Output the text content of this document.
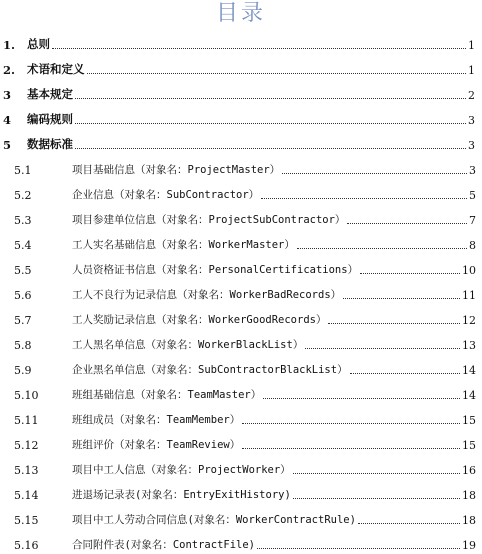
目录
1.	总则	1
2.	术语和定义	1
3	基本规定	2
4	编码规则	3
5	数据标准	3
5.1	项目基础信息（对象名：ProjectMaster）	3
5.2	企业信息（对象名：SubContractor）	5
5.3	项目参建单位信息（对象名：ProjectSubContractor）	7
5.4	工人实名基础信息（对象名：WorkerMaster）	8
5.5	人员资格证书信息（对象名：PersonalCertifications）	10
5.6	工人不良行为记录信息（对象名：WorkerBadRecords）	11
5.7	工人奖励记录信息（对象名：WorkerGoodRecords）	12
5.8	工人黑名单信息（对象名：WorkerBlackList）	13
5.9	企业黑名单信息（对象名：SubContractorBlackList）	14
5.10	班组基础信息（对象名：TeamMaster）	14
5.11	班组成员（对象名：TeamMember）	15
5.12	班组评价（对象名：TeamReview）	15
5.13	项目中工人信息（对象名：ProjectWorker）	16
5.14	进退场记录表(对象名：EntryExitHistory)	18
5.15	项目中工人劳动合同信息(对象名：WorkerContractRule)	18
5.16	合同附件表(对象名：ContractFile)	19
